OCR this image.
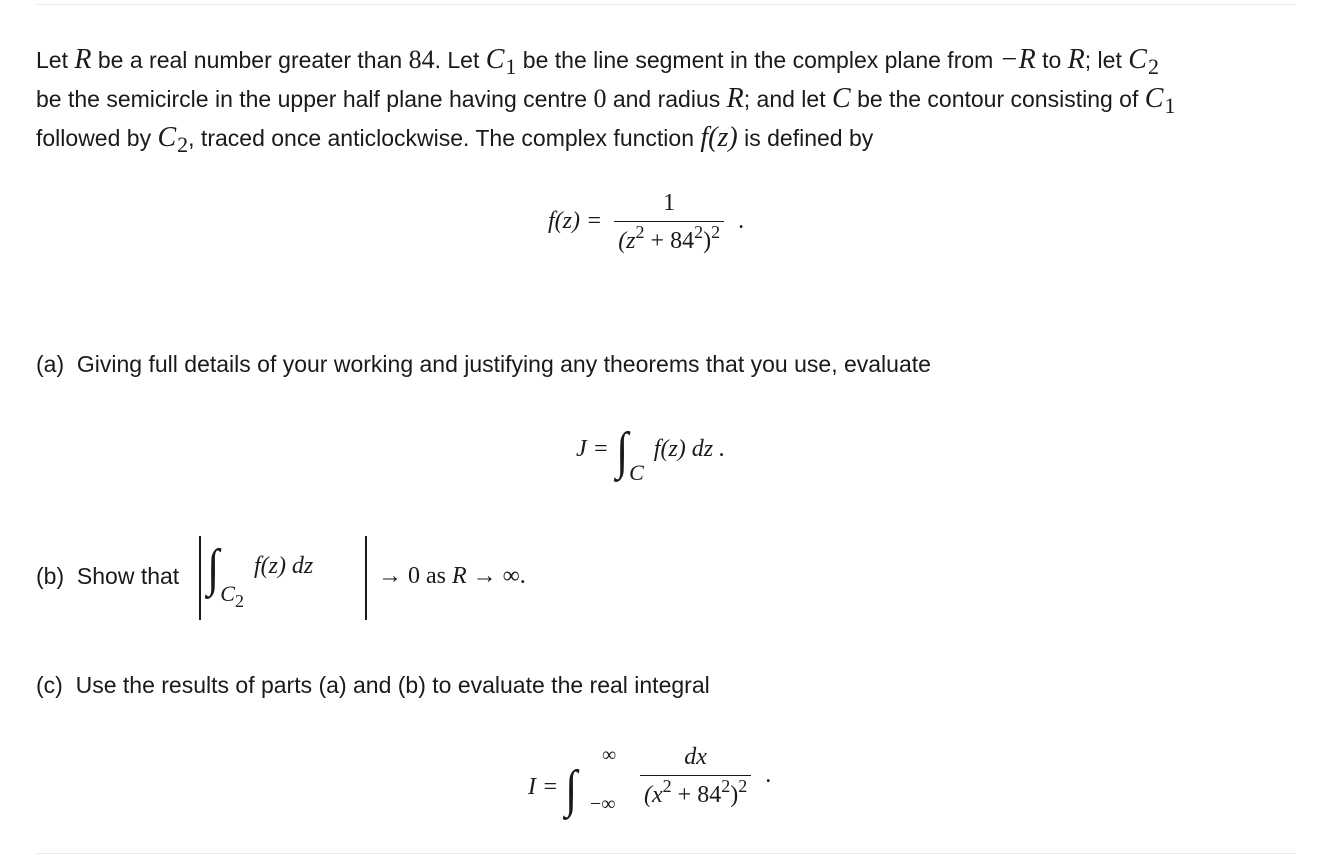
Let R be a real number greater than 84. Let C1 be the line segment in the complex plane from −R to R; let C2
be the semicircle in the upper half plane having centre 0 and radius R; and let C be the contour consisting of C1
followed by C2, traced once anticlockwise. The complex function f(z) is defined by
$f(z) = \frac{1}{(z^2 + 84^2)^2}$ .
(a) Giving full details of your working and justifying any theorems that you use, evaluate
J = ∫C f(z) dz .
(b) Show that $\int C_2$ f(z) dz	→ 0 as R → ∞.
(c) Use the results of parts (a) and (b) to evaluate the real integral
I = ∫
∞
−∞ $\frac{dx}{(x^2 + 84^2)^2}$ .
